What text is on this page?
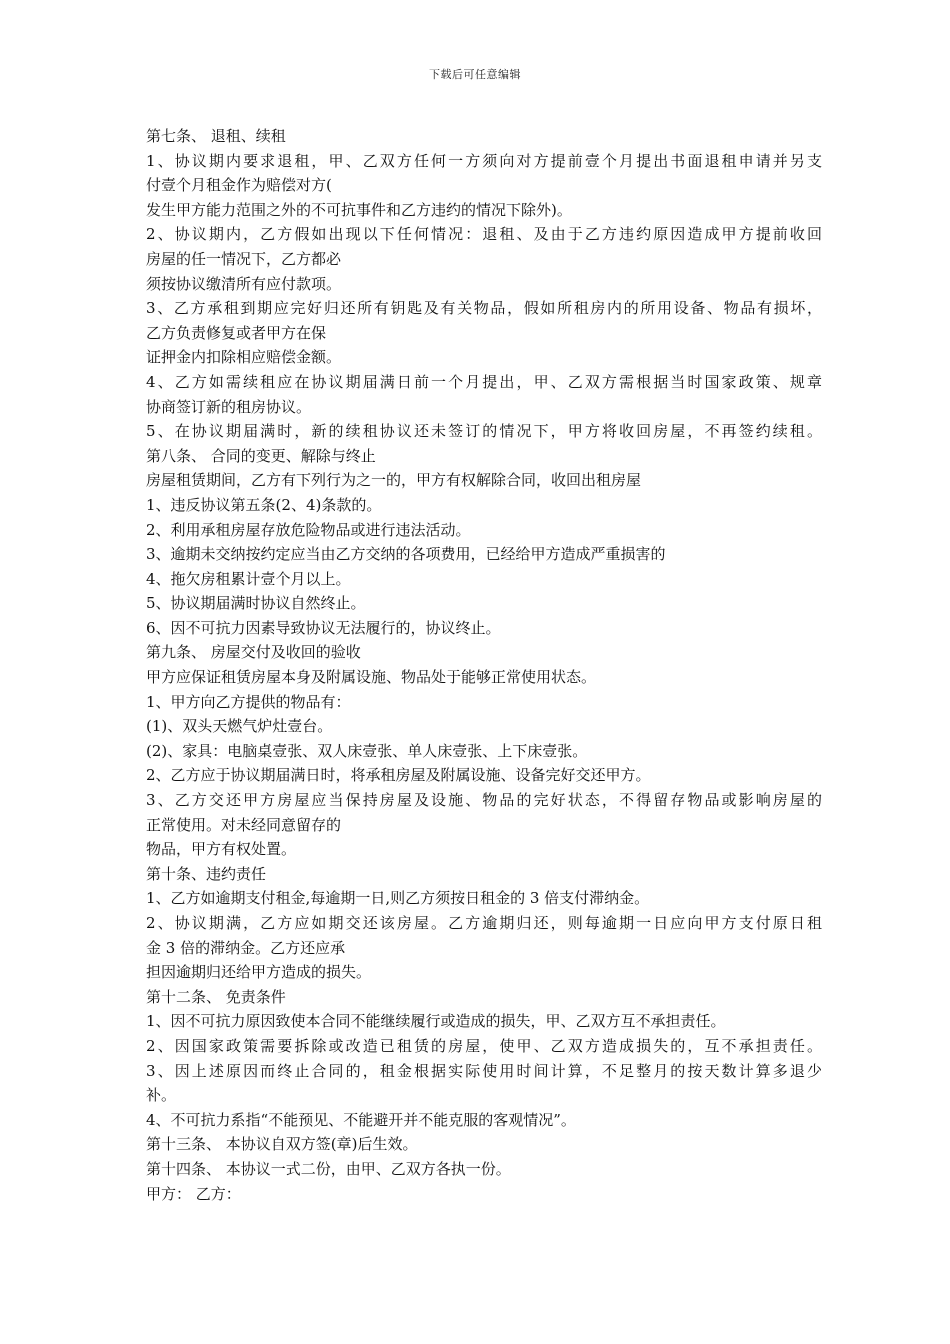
下载后可任意编辑
第七条、 退租、续租
1、协议期内要求退租，甲、乙双方任何一方须向对方提前壹个月提出书面退租申请并另支
付壹个月租金作为赔偿对方(
发生甲方能力范围之外的不可抗事件和乙方违约的情况下除外)。
2、协议期内，乙方假如出现以下任何情况：退租、及由于乙方违约原因造成甲方提前收回
房屋的任一情况下，乙方都必
须按协议缴清所有应付款项。
3、乙方承租到期应完好归还所有钥匙及有关物品，假如所租房内的所用设备、物品有损坏，
乙方负责修复或者甲方在保
证押金内扣除相应赔偿金额。
4、乙方如需续租应在协议期届满日前一个月提出，甲、乙双方需根据当时国家政策、规章
协商签订新的租房协议。
5、在协议期届满时，新的续租协议还未签订的情况下，甲方将收回房屋，不再签约续租。
第八条、 合同的变更、解除与终止
房屋租赁期间，乙方有下列行为之一的，甲方有权解除合同，收回出租房屋
1、违反协议第五条(2、4)条款的。
2、利用承租房屋存放危险物品或进行违法活动。
3、逾期未交纳按约定应当由乙方交纳的各项费用，已经给甲方造成严重损害的
4、拖欠房租累计壹个月以上。
5、协议期届满时协议自然终止。
6、因不可抗力因素导致协议无法履行的，协议终止。
第九条、 房屋交付及收回的验收
甲方应保证租赁房屋本身及附属设施、物品处于能够正常使用状态。
1、甲方向乙方提供的物品有：
(1)、双头天燃气炉灶壹台。
(2)、家具：电脑桌壹张、双人床壹张、单人床壹张、上下床壹张。
2、乙方应于协议期届满日时，将承租房屋及附属设施、设备完好交还甲方。
3、乙方交还甲方房屋应当保持房屋及设施、物品的完好状态，不得留存物品或影响房屋的
正常使用。对未经同意留存的
物品，甲方有权处置。
第十条、违约责任
1、乙方如逾期支付租金,每逾期一日,则乙方须按日租金的 3 倍支付滞纳金。
2、协议期满，乙方应如期交还该房屋。乙方逾期归还，则每逾期一日应向甲方支付原日租
金 3 倍的滞纳金。乙方还应承
担因逾期归还给甲方造成的损失。
第十二条、 免责条件
1、因不可抗力原因致使本合同不能继续履行或造成的损失，甲、乙双方互不承担责任。
2、因国家政策需要拆除或改造已租赁的房屋，使甲、乙双方造成损失的，互不承担责任。
3、因上述原因而终止合同的，租金根据实际使用时间计算，不足整月的按天数计算多退少
补。
4、不可抗力系指“不能预见、不能避开并不能克服的客观情况”。
第十三条、 本协议自双方签(章)后生效。
第十四条、 本协议一式二份，由甲、乙双方各执一份。
甲方： 乙方：
